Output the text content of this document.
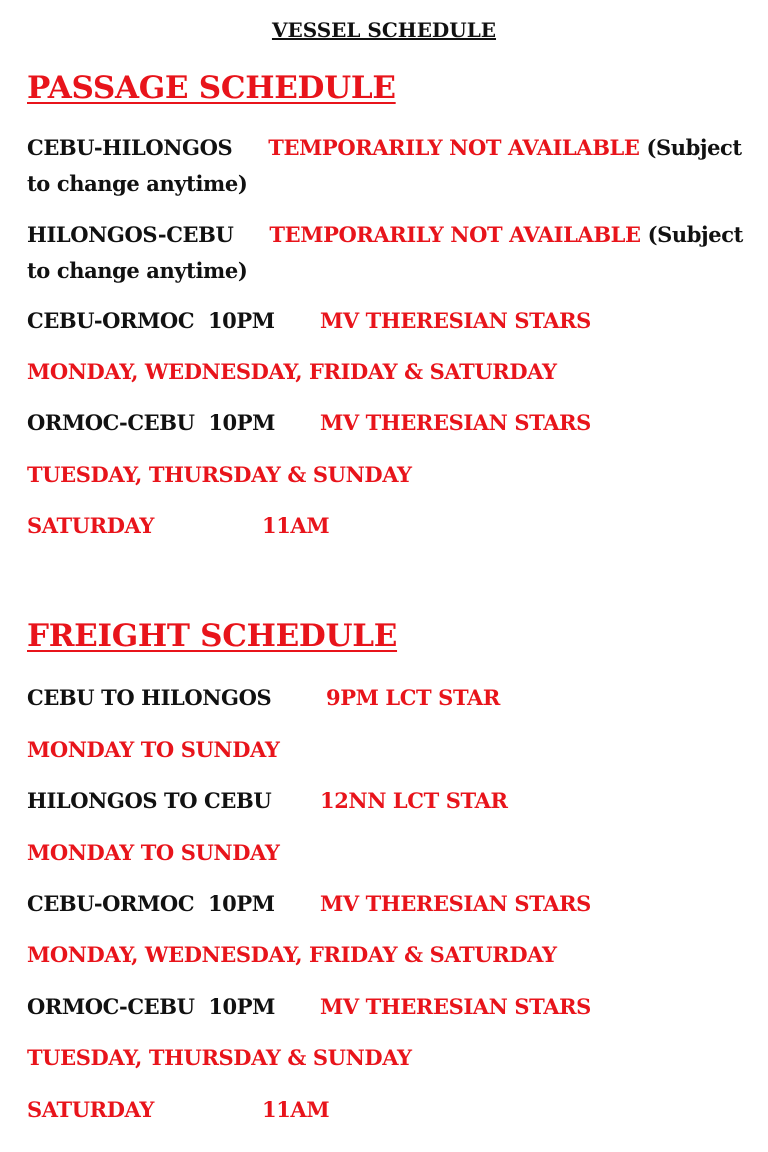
VESSEL SCHEDULE
PASSAGE SCHEDULE
CEBU-HILONGOS TEMPORARILY NOT AVAILABLE (Subject to change anytime)
HILONGOS-CEBU TEMPORARILY NOT AVAILABLE (Subject to change anytime)
CEBU-ORMOC  10PM MV THERESIAN STARS
MONDAY, WEDNESDAY, FRIDAY & SATURDAY
ORMOC-CEBU  10PM MV THERESIAN STARS
TUESDAY, THURSDAY & SUNDAY
SATURDAY	11AM
FREIGHT SCHEDULE
CEBU TO HILONGOS	9PM LCT STAR
MONDAY TO SUNDAY
HILONGOS TO CEBU 12NN LCT STAR
MONDAY TO SUNDAY
CEBU-ORMOC  10PM MV THERESIAN STARS
MONDAY, WEDNESDAY, FRIDAY & SATURDAY
ORMOC-CEBU  10PM MV THERESIAN STARS
TUESDAY, THURSDAY & SUNDAY
SATURDAY	11AM
